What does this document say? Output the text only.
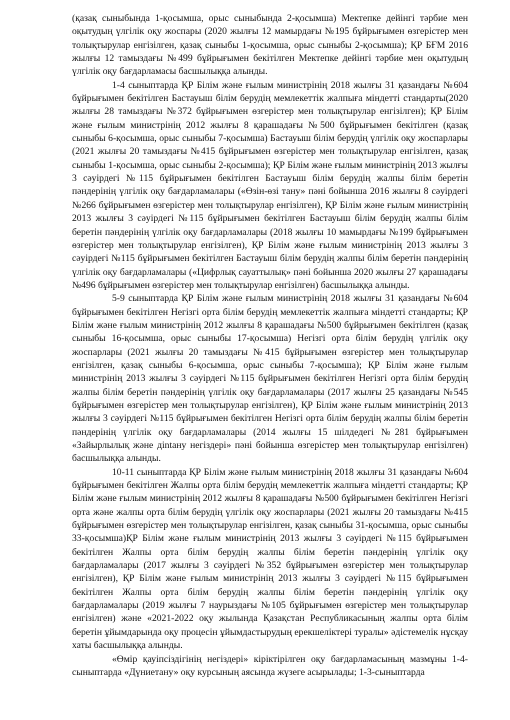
(қазақ сыныбында 1-қосымша, орыс сыныбында 2-қосымша) Мектепке дейінгі тәрбие мен оқытудың үлгілік оқу жоспары (2020 жылғы 12 мамырдағы №195 бұйрығымен өзгерістер мен толықтырулар енгізілген, қазақ сыныбы 1-қосымша, орыс сыныбы 2-қосымша); ҚР БҒМ 2016 жылғы 12 тамыздағы №499 бұйрығымен бекітілген Мектепке дейінгі тәрбие мен оқытудың үлгілік оқу бағдарламасы басшылыққа алынды.

1-4 сыныптарда ҚР Білім және ғылым министрінің 2018 жылғы 31 қазандағы №604 бұйрығымен бекітілген Бастауыш білім берудің мемлекеттік жалпыға міндетті стандарты(2020 жылғы 28 тамыздағы №372 бұйрығымен өзгерістер мен толықтырулар енгізілген); ҚР Білім және ғылым министрінің 2012 жылғы 8 қарашадағы №500 бұйрығымен бекітілген (қазақ сыныбы 6-қосымша, орыс сыныбы 7-қосымша) Бастауыш білім берудің үлгілік оқу жоспарлары (2021 жылғы 20 тамыздағы №415 бұйрығымен өзгерістер мен толықтырулар енгізілген, қазақ сыныбы 1-қосымша, орыс сыныбы 2-қосымша); ҚР Білім және ғылым министрінің 2013 жылғы 3 сәуірдегі №115 бұйрығымен бекітілген Бастауыш білім берудің жалпы білім беретін пәндерінің үлгілік оқу бағдарламалары («Өзін-өзі тану» пәні бойынша 2016 жылғы 8 сәуірдегі №266 бұйрығымен өзгерістер мен толықтырулар енгізілген), ҚР Білім және ғылым министрінің 2013 жылғы 3 сәуірдегі №115 бұйрығымен бекітілген Бастауыш білім берудің жалпы білім беретін пәндерінің үлгілік оқу бағдарламалары (2018 жылғы 10 мамырдағы №199 бұйрығымен өзгерістер мен толықтырулар енгізілген), ҚР Білім және ғылым министрінің 2013 жылғы 3 сәуірдегі №115 бұйрығымен бекітілген Бастауыш білім берудің жалпы білім беретін пәндерінің үлгілік оқу бағдарламалары («Цифрлық сауаттылық» пәні бойынша 2020 жылғы 27 қарашадағы №496 бұйрығымен өзгерістер мен толықтырулар енгізілген) басшылыққа алынды.

5-9 сыныптарда ҚР Білім және ғылым министрінің 2018 жылғы 31 қазандағы №604 бұйрығымен бекітілген Негізгі орта білім берудің мемлекеттік жалпыға міндетті стандарты; ҚР Білім және ғылым министрінің 2012 жылғы 8 қарашадағы №500 бұйрығымен бекітілген (қазақ сыныбы 16-қосымша, орыс сыныбы 17-қосымша) Негізгі орта білім берудің үлгілік оқу жоспарлары (2021 жылғы 20 тамыздағы №415 бұйрығымен өзгерістер мен толықтырулар енгізілген, қазақ сыныбы 6-қосымша, орыс сыныбы 7-қосымша); ҚР Білім және ғылым министрінің 2013 жылғы 3 сәуірдегі №115 бұйрығымен бекітілген Негізгі орта білім берудің жалпы білім беретін пәндерінің үлгілік оқу бағдарламалары (2017 жылғы 25 қазандағы №545 бұйрығымен өзгерістер мен толықтырулар енгізілген), ҚР Білім және ғылым министрінің 2013 жылғы 3 сәуірдегі №115 бұйрығымен бекітілген Негізгі орта білім берудің жалпы білім беретін пәндерінің үлгілік оқу бағдарламалары (2014 жылғы 15 шілдедегі №281 бұйрығымен «Зайырлылық және діntану негіздері» пәні бойынша өзгерістер мен толықтырулар енгізілген) басшылыққа алынды.

10-11 сыныптарда ҚР Білім және ғылым министрінің 2018 жылғы 31 қазандағы №604 бұйрығымен бекітілген Жалпы орта білім берудің мемлекеттік жалпыға міндетті стандарты; ҚР Білім және ғылым министрінің 2012 жылғы 8 қарашадағы №500 бұйрығымен бекітілген Негізгі орта және жалпы орта білім берудің үлгілік оқу жоспарлары (2021 жылғы 20 тамыздағы №415 бұйрығымен өзгерістер мен толықтырулар енгізілген, қазақ сыныбы 31-қосымша, орыс сыныбы 33-қосымша)ҚР Білім және ғылым министрінің 2013 жылғы 3 сәуірдегі №115 бұйрығымен бекітілген Жалпы орта білім берудің жалпы білім беретін пәндерінің үлгілік оқу бағдарламалары (2017 жылғы 3 сәуірдегі №352 бұйрығымен өзгерістер мен толықтырулар енгізілген), ҚР Білім және ғылым министрінің 2013 жылғы 3 сәуірдегі №115 бұйрығымен бекітілген Жалпы орта білім берудің жалпы білім беретін пәндерінің үлгілік оқу бағдарламалары (2019 жылғы 7 наурыздағы №105 бұйрығымен өзгерістер мен толықтырулар енгізілген) және «2021-2022 оқу жылында Қазақстан Республикасының жалпы орта білім беретін ұйымдарында оқу процесін ұйымдастырудың ерекшеліктері туралы» әдістемелік нұсқау хаты басшылыққа алынды.

«Өмір қауіпсіздігінің негіздері» кіріктірілген оқу бағдарламасының мазмұны 1-4-сыныптарда «Дүниетану» оқу курсының аясында жүзеге асырылады; 1-3-сыныптарда
